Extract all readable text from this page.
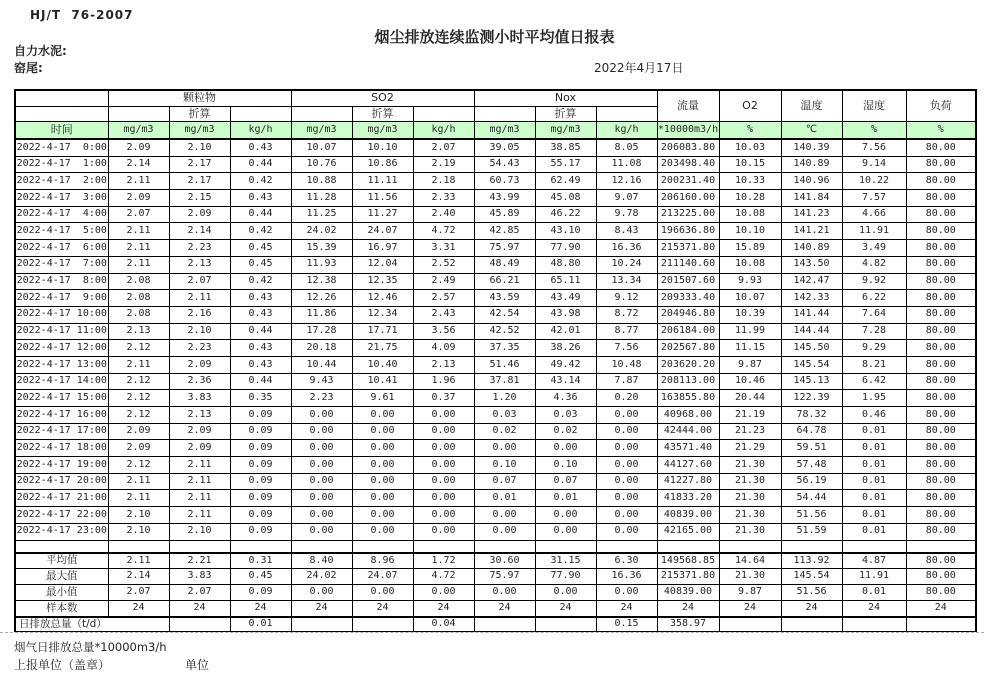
HJ/T  76-2007
烟尘排放连续监测小时平均值日报表
自力水泥:
窑尾:	2022年4月17日
	颗粒物			SO2			Nox			流量	O2	温度	湿度	负荷
		折算			折算			折算						
时间	mg/m3	mg/m3	kg/h	mg/m3	mg/m3	kg/h	mg/m3	mg/m3	kg/h	*10000m3/h	%	℃	%	%
2022-4-17  0:00	2.09	2.10	0.43	10.07	10.10	2.07	39.05	38.85	8.05	206083.80	10.03	140.39	7.56	80.00
2022-4-17  1:00	2.14	2.17	0.44	10.76	10.86	2.19	54.43	55.17	11.08	203498.40	10.15	140.89	9.14	80.00
2022-4-17  2:00	2.11	2.17	0.42	10.88	11.11	2.18	60.73	62.49	12.16	200231.40	10.33	140.96	10.22	80.00
2022-4-17  3:00	2.09	2.15	0.43	11.28	11.56	2.33	43.99	45.08	9.07	206160.00	10.28	141.84	7.57	80.00
2022-4-17  4:00	2.07	2.09	0.44	11.25	11.27	2.40	45.89	46.22	9.78	213225.00	10.08	141.23	4.66	80.00
2022-4-17  5:00	2.11	2.14	0.42	24.02	24.07	4.72	42.85	43.10	8.43	196636.80	10.10	141.21	11.91	80.00
2022-4-17  6:00	2.11	2.23	0.45	15.39	16.97	3.31	75.97	77.90	16.36	215371.80	15.89	140.89	3.49	80.00
2022-4-17  7:00	2.11	2.13	0.45	11.93	12.04	2.52	48.49	48.80	10.24	211140.60	10.08	143.50	4.82	80.00
2022-4-17  8:00	2.08	2.07	0.42	12.38	12.35	2.49	66.21	65.11	13.34	201507.60	9.93	142.47	9.92	80.00
2022-4-17  9:00	2.08	2.11	0.43	12.26	12.46	2.57	43.59	43.49	9.12	209333.40	10.07	142.33	6.22	80.00
2022-4-17 10:00	2.08	2.16	0.43	11.86	12.34	2.43	42.54	43.98	8.72	204946.80	10.39	141.44	7.64	80.00
2022-4-17 11:00	2.13	2.10	0.44	17.28	17.71	3.56	42.52	42.01	8.77	206184.00	11.99	144.44	7.28	80.00
2022-4-17 12:00	2.12	2.23	0.43	20.18	21.75	4.09	37.35	38.26	7.56	202567.80	11.15	145.50	9.29	80.00
2022-4-17 13:00	2.11	2.09	0.43	10.44	10.40	2.13	51.46	49.42	10.48	203620.20	9.87	145.54	8.21	80.00
2022-4-17 14:00	2.12	2.36	0.44	9.43	10.41	1.96	37.81	43.14	7.87	208113.00	10.46	145.13	6.42	80.00
2022-4-17 15:00	2.12	3.83	0.35	2.23	9.61	0.37	1.20	4.36	0.20	163855.80	20.44	122.39	1.95	80.00
2022-4-17 16:00	2.12	2.13	0.09	0.00	0.00	0.00	0.03	0.03	0.00	40968.00	21.19	78.32	0.46	80.00
2022-4-17 17:00	2.09	2.09	0.09	0.00	0.00	0.00	0.02	0.02	0.00	42444.00	21.23	64.78	0.01	80.00
2022-4-17 18:00	2.09	2.09	0.09	0.00	0.00	0.00	0.00	0.00	0.00	43571.40	21.29	59.51	0.01	80.00
2022-4-17 19:00	2.12	2.11	0.09	0.00	0.00	0.00	0.10	0.10	0.00	44127.60	21.30	57.48	0.01	80.00
2022-4-17 20:00	2.11	2.11	0.09	0.00	0.00	0.00	0.07	0.07	0.00	41227.80	21.30	56.19	0.01	80.00
2022-4-17 21:00	2.11	2.11	0.09	0.00	0.00	0.00	0.01	0.01	0.00	41833.20	21.30	54.44	0.01	80.00
2022-4-17 22:00	2.10	2.11	0.09	0.00	0.00	0.00	0.00	0.00	0.00	40839.00	21.30	51.56	0.01	80.00
2022-4-17 23:00	2.10	2.10	0.09	0.00	0.00	0.00	0.00	0.00	0.00	42165.00	21.30	51.59	0.01	80.00

平均值	2.11	2.21	0.31	8.40	8.96	1.72	30.60	31.15	6.30	149568.85	14.64	113.92	4.87	80.00
最大值	2.14	3.83	0.45	24.02	24.07	4.72	75.97	77.90	16.36	215371.80	21.30	145.54	11.91	80.00
最小值	2.07	2.07	0.09	0.00	0.00	0.00	0.00	0.00	0.00	40839.00	9.87	51.56	0.01	80.00
样本数	24	24	24	24	24	24	24	24	24	24	24	24	24	24
日排放总量（t/d）			0.01			0.04			0.15	358.97				
烟气日排放总量*10000m3/h
上报单位（盖章）	单位
